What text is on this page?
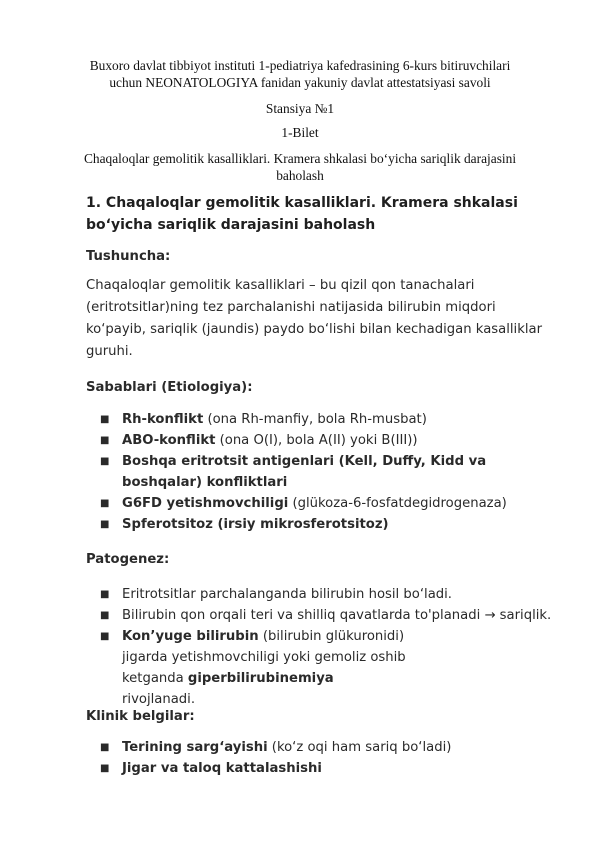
Buxoro davlat tibbiyot instituti 1-pediatriya kafedrasining 6-kurs bitiruvchilari
uchun NEONATOLOGIYA fanidan yakuniy davlat attestatsiyasi savoli
Stansiya №1
1-Bilet
Chaqaloqlar gemolitik kasalliklari. Kramera shkalasi bo‘yicha sariqlik darajasini
baholash
1. Chaqaloqlar gemolitik kasalliklari. Kramera shkalasi bo‘yicha sariqlik darajasini baholash
Tushuncha:
Chaqaloqlar gemolitik kasalliklari – bu qizil qon tanachalari (eritrotsitlar)ning tez parchalanishi natijasida bilirubin miqdori ko‘payib, sariqlik (jaundis) paydo bo‘lishi bilan kechadigan kasalliklar guruhi.
Sabablari (Etiologiya):
■ Rh-konflikt (ona Rh-manfiy, bola Rh-musbat)
■ ABO-konflikt (ona O(I), bola A(II) yoki B(III))
■ Boshqa eritrotsit antigenlari (Kell, Duffy, Kidd va boshqalar) konfliktlari
■ G6FD yetishmovchiligi (glükoza-6-fosfatdegidrogenaza)
■ Spferotsitoz (irsiy mikrosferotsitoz)
Patogenez:
■ Eritrotsitlar parchalanganda bilirubin hosil bo‘ladi.
■ Bilirubin qon orqali teri va shilliq qavatlarda to'planadi → sariqlik.
■ Kon’yuge bilirubin (bilirubin glükuronidi) jigarda yetishmovchiligi yoki gemoliz oshib ketganda giperbilirubinemiya rivojlanadi.
Klinik belgilar:
■ Terining sarg‘ayishi (ko‘z oqi ham sariq bo‘ladi)
■ Jigar va taloq kattalashishi
